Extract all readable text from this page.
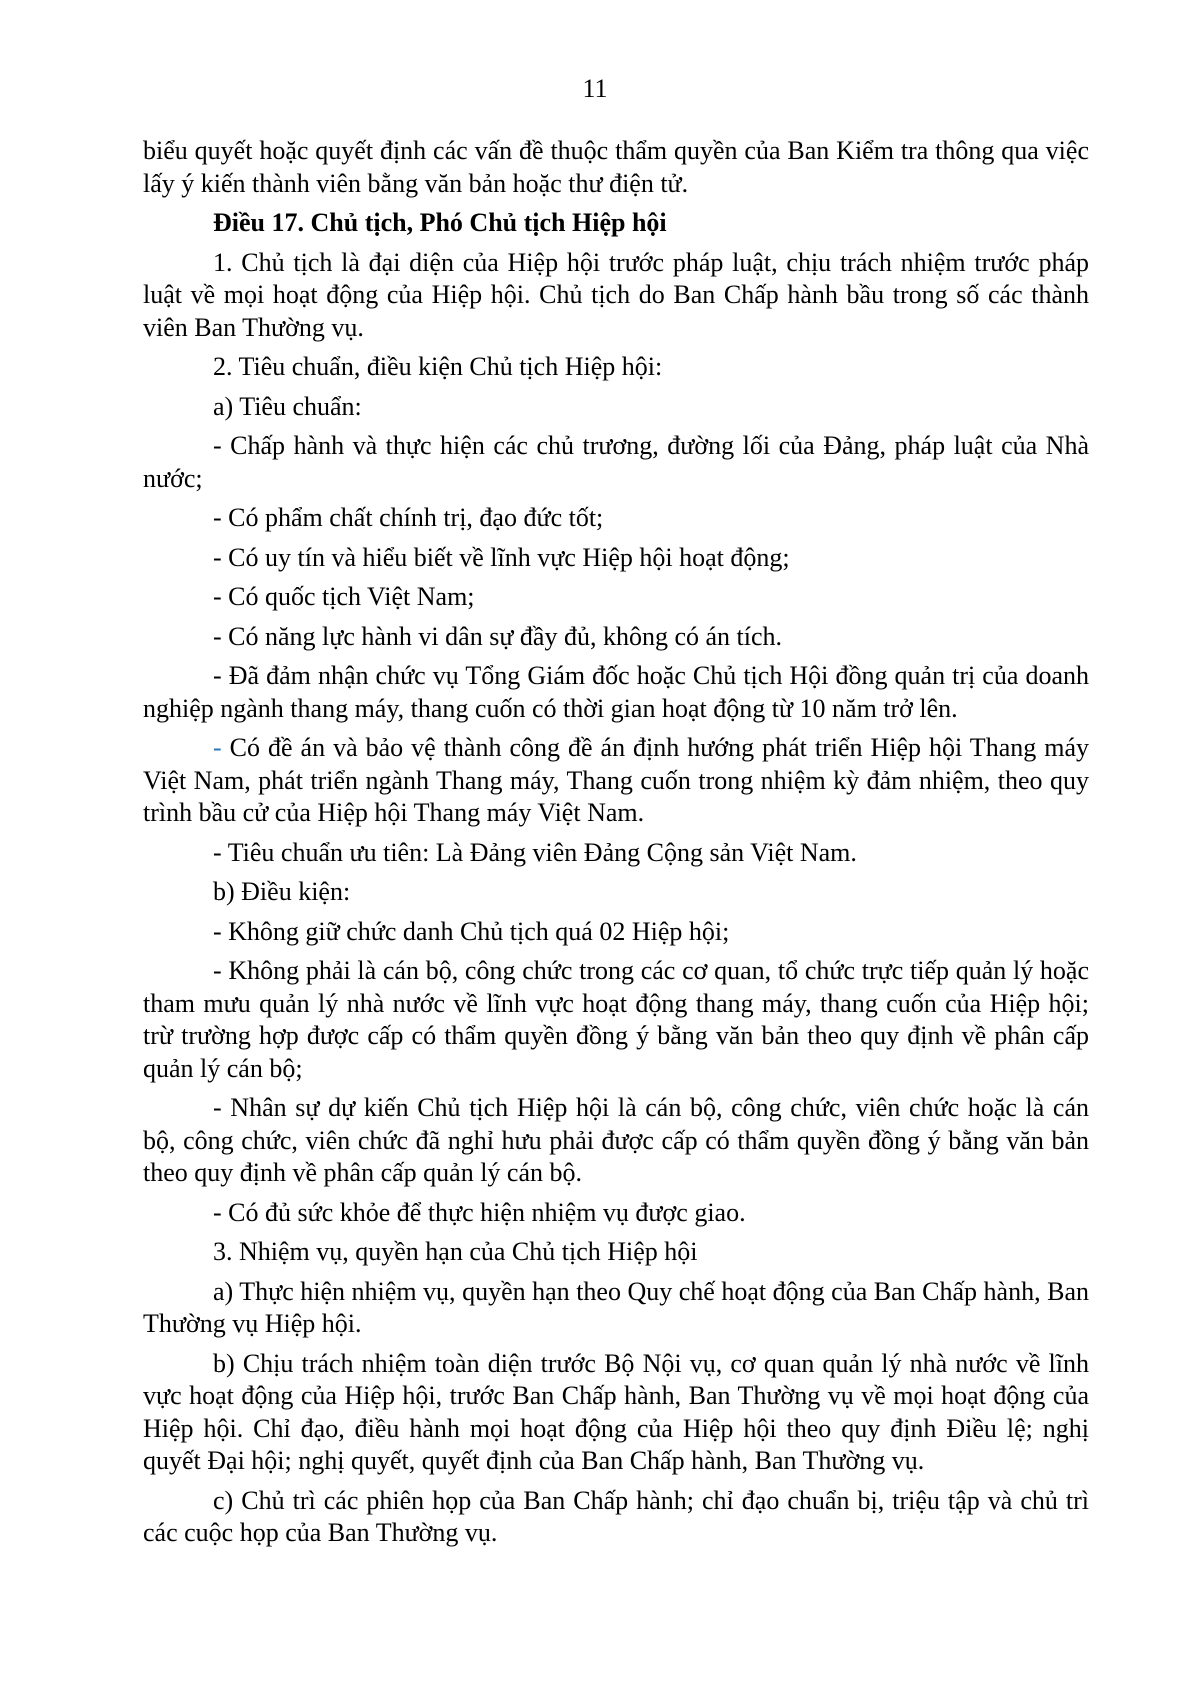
11

biểu quyết hoặc quyết định các vấn đề thuộc thẩm quyền của Ban Kiểm tra thông qua việc lấy ý kiến thành viên bằng văn bản hoặc thư điện tử.

Điều 17. Chủ tịch, Phó Chủ tịch Hiệp hội

1. Chủ tịch là đại diện của Hiệp hội trước pháp luật, chịu trách nhiệm trước pháp luật về mọi hoạt động của Hiệp hội. Chủ tịch do Ban Chấp hành bầu trong số các thành viên Ban Thường vụ.

2. Tiêu chuẩn, điều kiện Chủ tịch Hiệp hội:

a) Tiêu chuẩn:

- Chấp hành và thực hiện các chủ trương, đường lối của Đảng, pháp luật của Nhà nước;

- Có phẩm chất chính trị, đạo đức tốt;

- Có uy tín và hiểu biết về lĩnh vực Hiệp hội hoạt động;

- Có quốc tịch Việt Nam;

- Có năng lực hành vi dân sự đầy đủ, không có án tích.

- Đã đảm nhận chức vụ Tổng Giám đốc hoặc Chủ tịch Hội đồng quản trị của doanh nghiệp ngành thang máy, thang cuốn có thời gian hoạt động từ 10 năm trở lên.

- Có đề án và bảo vệ thành công đề án định hướng phát triển Hiệp hội Thang máy Việt Nam, phát triển ngành Thang máy, Thang cuốn trong nhiệm kỳ đảm nhiệm, theo quy trình bầu cử của Hiệp hội Thang máy Việt Nam.

- Tiêu chuẩn ưu tiên: Là Đảng viên Đảng Cộng sản Việt Nam.

b) Điều kiện:

- Không giữ chức danh Chủ tịch quá 02 Hiệp hội;

- Không phải là cán bộ, công chức trong các cơ quan, tổ chức trực tiếp quản lý hoặc tham mưu quản lý nhà nước về lĩnh vực hoạt động thang máy, thang cuốn của Hiệp hội; trừ trường hợp được cấp có thẩm quyền đồng ý bằng văn bản theo quy định về phân cấp quản lý cán bộ;

- Nhân sự dự kiến Chủ tịch Hiệp hội là cán bộ, công chức, viên chức hoặc là cán bộ, công chức, viên chức đã nghỉ hưu phải được cấp có thẩm quyền đồng ý bằng văn bản theo quy định về phân cấp quản lý cán bộ.

- Có đủ sức khỏe để thực hiện nhiệm vụ được giao.

3. Nhiệm vụ, quyền hạn của Chủ tịch Hiệp hội

a) Thực hiện nhiệm vụ, quyền hạn theo Quy chế hoạt động của Ban Chấp hành, Ban Thường vụ Hiệp hội.

b) Chịu trách nhiệm toàn diện trước Bộ Nội vụ, cơ quan quản lý nhà nước về lĩnh vực hoạt động của Hiệp hội, trước Ban Chấp hành, Ban Thường vụ về mọi hoạt động của Hiệp hội. Chỉ đạo, điều hành mọi hoạt động của Hiệp hội theo quy định Điều lệ; nghị quyết Đại hội; nghị quyết, quyết định của Ban Chấp hành, Ban Thường vụ.

c) Chủ trì các phiên họp của Ban Chấp hành; chỉ đạo chuẩn bị, triệu tập và chủ trì các cuộc họp của Ban Thường vụ.
